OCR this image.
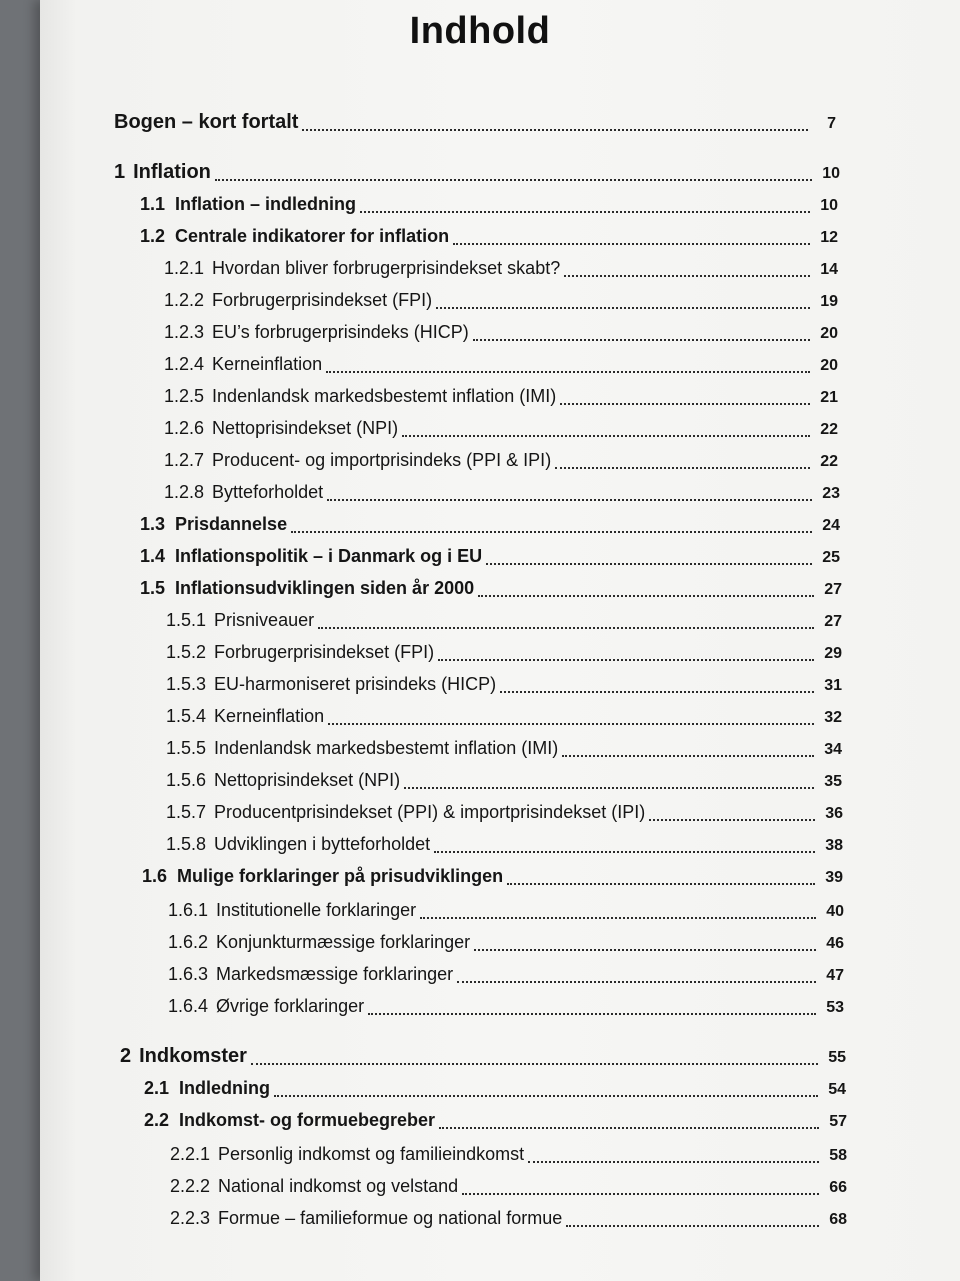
Indhold
Bogen – kort fortalt	7
1 Inflation	10
1.1 Inflation – indledning	10
1.2 Centrale indikatorer for inflation	12
1.2.1 Hvordan bliver forbrugerprisindekset skabt?	14
1.2.2 Forbrugerprisindekset (FPI)	19
1.2.3 EU’s forbrugerprisindeks (HICP)	20
1.2.4 Kerneinflation	20
1.2.5 Indenlandsk markedsbestemt inflation (IMI)	21
1.2.6 Nettoprisindekset (NPI)	22
1.2.7 Producent- og importprisindeks (PPI & IPI)	22
1.2.8 Bytteforholdet	23
1.3 Prisdannelse	24
1.4 Inflationspolitik – i Danmark og i EU	25
1.5 Inflationsudviklingen siden år 2000	27
1.5.1 Prisniveauer	27
1.5.2 Forbrugerprisindekset (FPI)	29
1.5.3 EU-harmoniseret prisindeks (HICP)	31
1.5.4 Kerneinflation	32
1.5.5 Indenlandsk markedsbestemt inflation (IMI)	34
1.5.6 Nettoprisindekset (NPI)	35
1.5.7 Producentprisindekset (PPI) & importprisindekset (IPI)	36
1.5.8 Udviklingen i bytteforholdet	38
1.6 Mulige forklaringer på prisudviklingen	39
1.6.1 Institutionelle forklaringer	40
1.6.2 Konjunkturmæssige forklaringer	46
1.6.3 Markedsmæssige forklaringer	47
1.6.4 Øvrige forklaringer	53
2 Indkomster	55
2.1 Indledning	54
2.2 Indkomst- og formuebegreber	57
2.2.1 Personlig indkomst og familieindkomst	58
2.2.2 National indkomst og velstand	66
2.2.3 Formue – familieformue og national formue	68
